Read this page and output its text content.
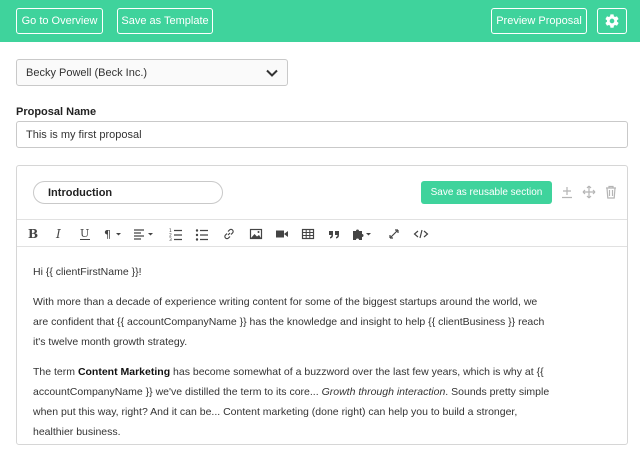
Go to Overview	Save as Template	Preview Proposal
Becky Powell (Beck Inc.)
Proposal Name
This is my first proposal
Introduction	Save as reusable section
B I U ¶	1
2
3

Hi {{ clientFirstName }}!

With more than a decade of experience writing content for some of the biggest startups around the world, we are confident that {{ accountCompanyName }} has the knowledge and insight to help {{ clientBusiness }} reach it's twelve month growth strategy.

The term Content Marketing has become somewhat of a buzzword over the last few years, which is why at {{ accountCompanyName }} we've distilled the term to its core... Growth through interaction. Sounds pretty simple when put this way, right? And it can be... Content marketing (done right) can help you to build a stronger, healthier business.
